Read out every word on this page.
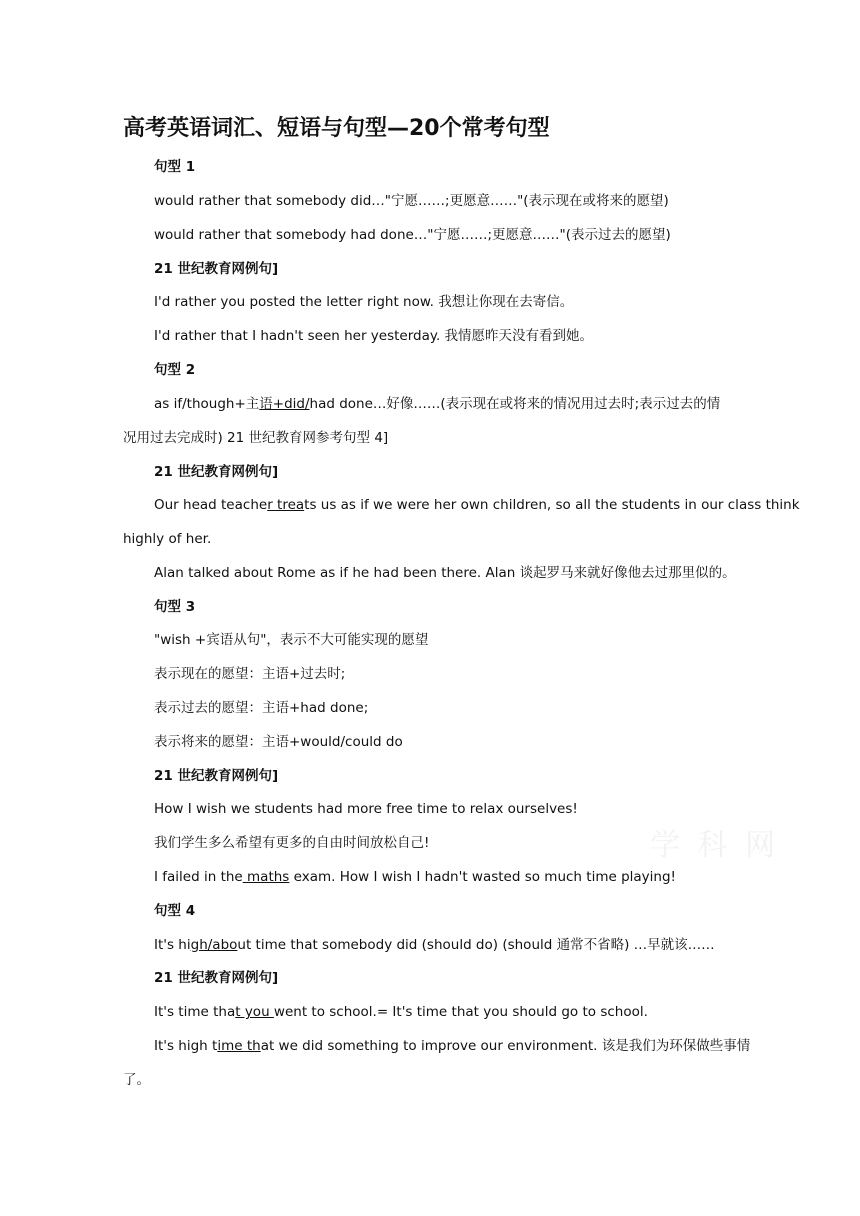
高考英语词汇、短语与句型—20个常考句型
句型 1
would rather that somebody did…"宁愿……;更愿意……"(表示现在或将来的愿望)
would rather that somebody had done…"宁愿……;更愿意……"(表示过去的愿望)
21 世纪教育网例句]
I'd rather you posted the letter right now. 我想让你现在去寄信。
I'd rather that I hadn't seen her yesterday. 我情愿昨天没有看到她。
句型 2
as if/though+主语+did/had done…好像……(表示现在或将来的情况用过去时;表示过去的情
况用过去完成时) 21 世纪教育网参考句型 4]
21 世纪教育网例句]
Our head teacher treats us as if we were her own children, so all the students in our class think
highly of her.
Alan talked about Rome as if he had been there. Alan 谈起罗马来就好像他去过那里似的。
句型 3
"wish +宾语从句"，表示不大可能实现的愿望
表示现在的愿望：主语+过去时;
表示过去的愿望：主语+had done;
表示将来的愿望：主语+would/could do
21 世纪教育网例句]
How I wish we students had more free time to relax ourselves!
我们学生多么希望有更多的自由时间放松自己!
I failed in the maths exam. How I wish I hadn't wasted so much time playing!
句型 4
It's high/about time that somebody did (should do) (should 通常不省略) …早就该……
21 世纪教育网例句]
It's time that you went to school.= It's time that you should go to school.
It's high time that we did something to improve our environment. 该是我们为环保做些事情
了。
学 科 网
